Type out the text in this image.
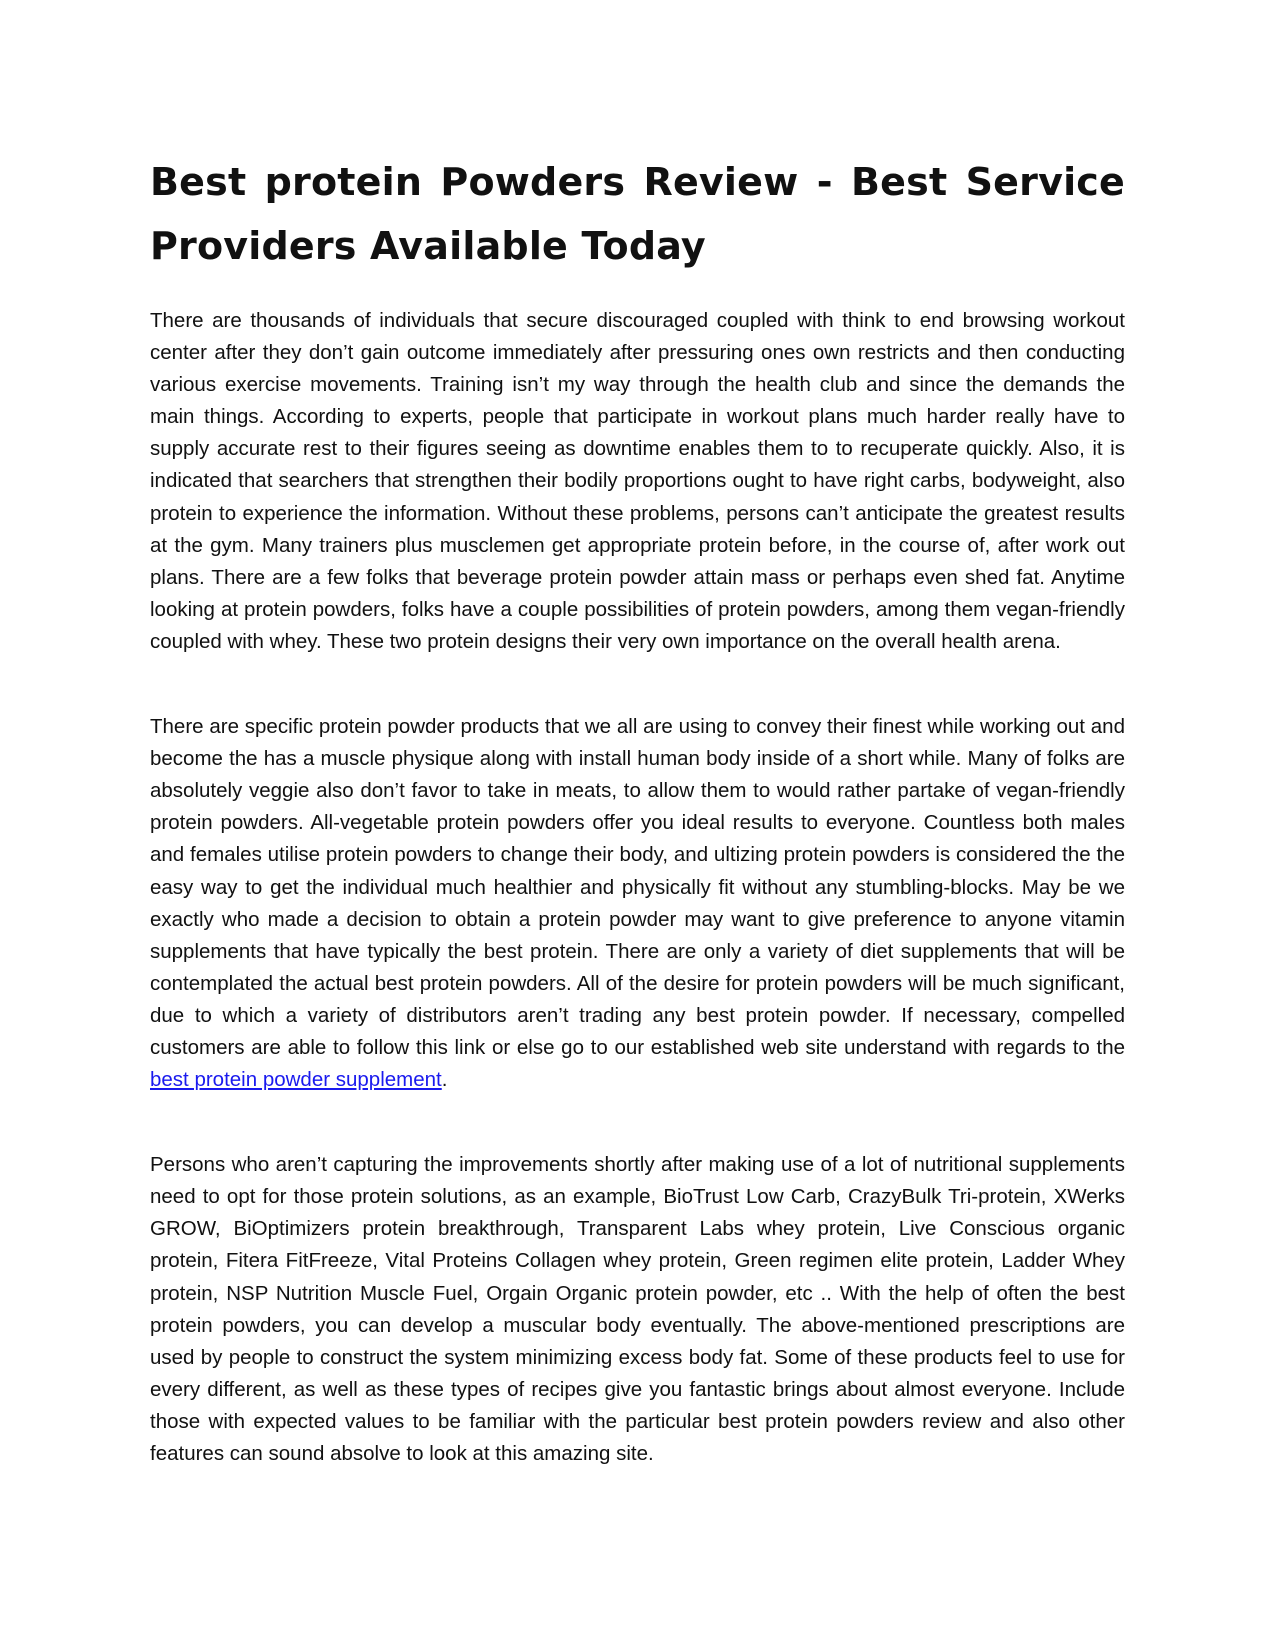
Best protein Powders Review - Best Service Providers Available Today

There are thousands of individuals that secure discouraged coupled with think to end browsing workout center after they don’t gain outcome immediately after pressuring ones own restricts and then conducting various exercise movements. Training isn’t my way through the health club and since the demands the main things. According to experts, people that participate in workout plans much harder really have to supply accurate rest to their figures seeing as downtime enables them to to recuperate quickly. Also, it is indicated that searchers that strengthen their bodily proportions ought to have right carbs, bodyweight, also protein to experience the information. Without these problems, persons can’t anticipate the greatest results at the gym. Many trainers plus musclemen get appropriate protein before, in the course of, after work out plans. There are a few folks that beverage protein powder attain mass or perhaps even shed fat. Anytime looking at protein powders, folks have a couple possibilities of protein powders, among them vegan-friendly coupled with whey. These two protein designs their very own importance on the overall health arena.

There are specific protein powder products that we all are using to convey their finest while working out and become the has a muscle physique along with install human body inside of a short while. Many of folks are absolutely veggie also don’t favor to take in meats, to allow them to would rather partake of vegan-friendly protein powders. All-vegetable protein powders offer you ideal results to everyone. Countless both males and females utilise protein powders to change their body, and ultizing protein powders is considered the the easy way to get the individual much healthier and physically fit without any stumbling-blocks. May be we exactly who made a decision to obtain a protein powder may want to give preference to anyone vitamin supplements that have typically the best protein. There are only a variety of diet supplements that will be contemplated the actual best protein powders. All of the desire for protein powders will be much significant, due to which a variety of distributors aren’t trading any best protein powder. If necessary, compelled customers are able to follow this link or else go to our established web site understand with regards to the best protein powder supplement.

Persons who aren’t capturing the improvements shortly after making use of a lot of nutritional supplements need to opt for those protein solutions, as an example, BioTrust Low Carb, CrazyBulk Tri-protein, XWerks GROW, BiOptimizers protein breakthrough, Transparent Labs whey protein, Live Conscious organic protein, Fitera FitFreeze, Vital Proteins Collagen whey protein, Green regimen elite protein, Ladder Whey protein, NSP Nutrition Muscle Fuel, Orgain Organic protein powder, etc .. With the help of often the best protein powders, you can develop a muscular body eventually. The above-mentioned prescriptions are used by people to construct the system minimizing excess body fat. Some of these products feel to use for every different, as well as these types of recipes give you fantastic brings about almost everyone. Include those with expected values to be familiar with the particular best protein powders review and also other features can sound absolve to look at this amazing site.
